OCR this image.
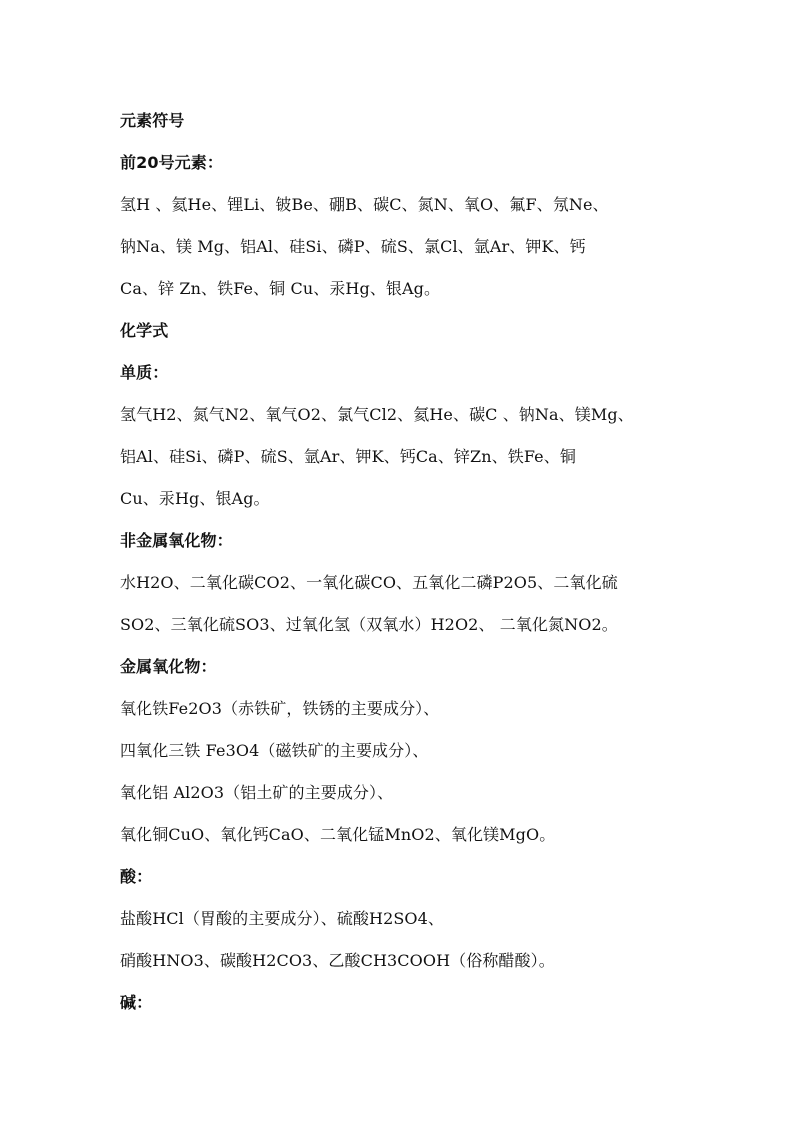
元素符号
前20号元素：
氢H 、氦He、锂Li、铍Be、硼B、碳C、氮N、氧O、氟F、氖Ne、
钠Na、镁 Mg、铝Al、硅Si、磷P、硫S、氯Cl、氩Ar、钾K、钙
Ca、锌 Zn、铁Fe、铜 Cu、汞Hg、银Ag。
化学式
单质：
氢气H2、氮气N2、氧气O2、氯气Cl2、氦He、碳C 、钠Na、镁Mg、
铝Al、硅Si、磷P、硫S、氩Ar、钾K、钙Ca、锌Zn、铁Fe、铜
Cu、汞Hg、银Ag。
非金属氧化物：
水H2O、二氧化碳CO2、一氧化碳CO、五氧化二磷P2O5、二氧化硫
SO2、三氧化硫SO3、过氧化氢（双氧水）H2O2、 二氧化氮NO2。
金属氧化物：
氧化铁Fe2O3（赤铁矿，铁锈的主要成分）、
四氧化三铁 Fe3O4（磁铁矿的主要成分）、
氧化铝 Al2O3（铝土矿的主要成分）、
氧化铜CuO、氧化钙CaO、二氧化锰MnO2、氧化镁MgO。
酸：
盐酸HCl（胃酸的主要成分）、硫酸H2SO4、
硝酸HNO3、碳酸H2CO3、乙酸CH3COOH（俗称醋酸）。
碱：
